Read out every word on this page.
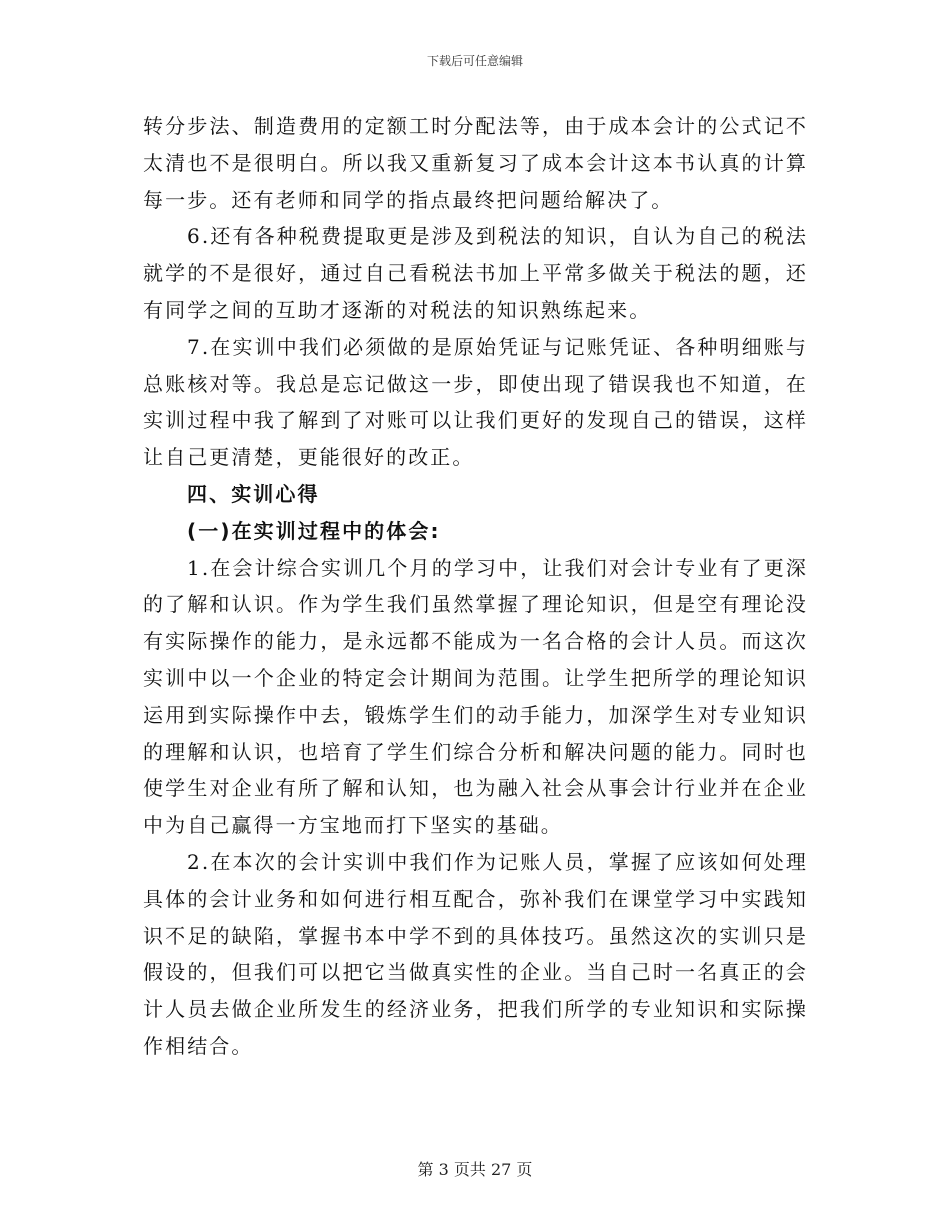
下载后可任意编辑

转分步法、制造费用的定额工时分配法等，由于成本会计的公式记不太清也不是很明白。所以我又重新复习了成本会计这本书认真的计算每一步。还有老师和同学的指点最终把问题给解决了。

6.还有各种税费提取更是涉及到税法的知识，自认为自己的税法就学的不是很好，通过自己看税法书加上平常多做关于税法的题，还有同学之间的互助才逐渐的对税法的知识熟练起来。

7.在实训中我们必须做的是原始凭证与记账凭证、各种明细账与总账核对等。我总是忘记做这一步，即使出现了错误我也不知道，在实训过程中我了解到了对账可以让我们更好的发现自己的错误，这样让自己更清楚，更能很好的改正。

四、实训心得

(一)在实训过程中的体会:

1.在会计综合实训几个月的学习中，让我们对会计专业有了更深的了解和认识。作为学生我们虽然掌握了理论知识，但是空有理论没有实际操作的能力，是永远都不能成为一名合格的会计人员。而这次实训中以一个企业的特定会计期间为范围。让学生把所学的理论知识运用到实际操作中去，锻炼学生们的动手能力，加深学生对专业知识的理解和认识，也培育了学生们综合分析和解决问题的能力。同时也使学生对企业有所了解和认知，也为融入社会从事会计行业并在企业中为自己赢得一方宝地而打下坚实的基础。

2.在本次的会计实训中我们作为记账人员，掌握了应该如何处理具体的会计业务和如何进行相互配合，弥补我们在课堂学习中实践知识不足的缺陷，掌握书本中学不到的具体技巧。虽然这次的实训只是假设的，但我们可以把它当做真实性的企业。当自己时一名真正的会计人员去做企业所发生的经济业务，把我们所学的专业知识和实际操作相结合。

第 3 页共 27 页
